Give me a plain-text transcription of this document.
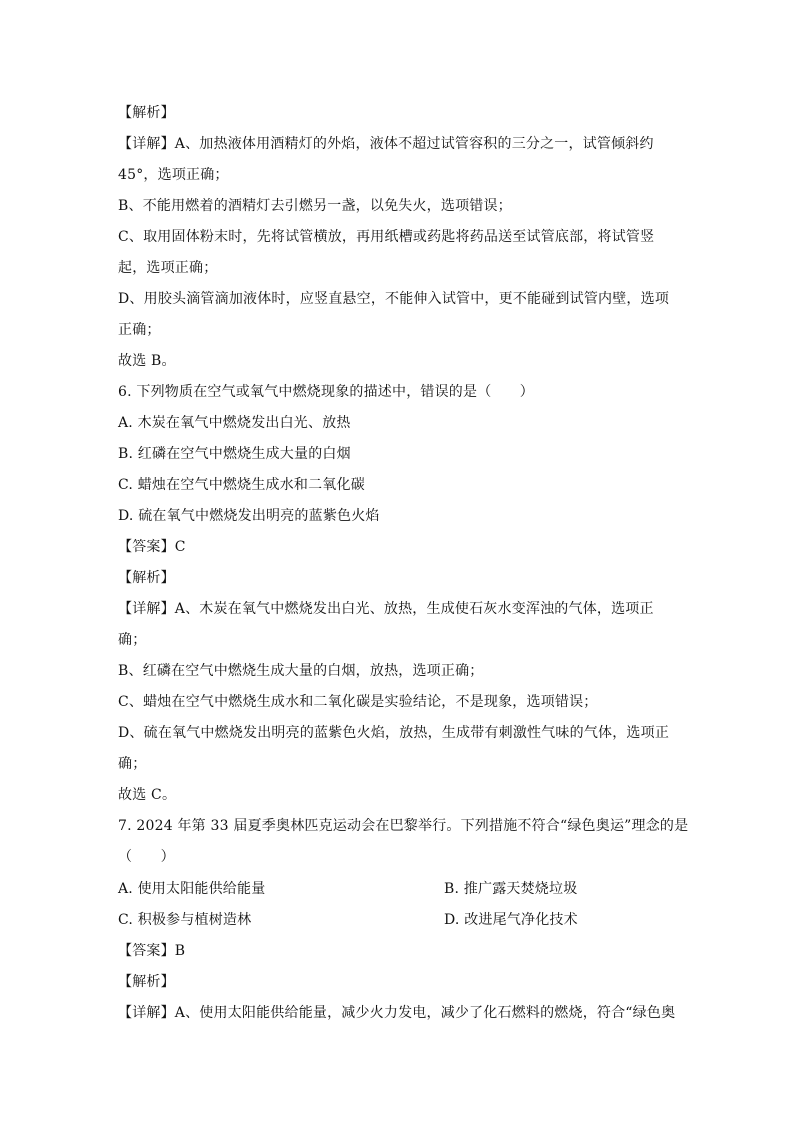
【解析】
【详解】A、加热液体用酒精灯的外焰，液体不超过试管容积的三分之一，试管倾斜约
45°，选项正确；
B、不能用燃着的酒精灯去引燃另一盏，以免失火，选项错误；
C、取用固体粉末时，先将试管横放，再用纸槽或药匙将药品送至试管底部，将试管竖
起，选项正确；
D、用胶头滴管滴加液体时，应竖直悬空，不能伸入试管中，更不能碰到试管内壁，选项
正确；
故选 B。
6. 下列物质在空气或氧气中燃烧现象的描述中，错误的是（　　）
A. 木炭在氧气中燃烧发出白光、放热
B. 红磷在空气中燃烧生成大量的白烟
C. 蜡烛在空气中燃烧生成水和二氧化碳
D. 硫在氧气中燃烧发出明亮的蓝紫色火焰
【答案】C
【解析】
【详解】A、木炭在氧气中燃烧发出白光、放热，生成使石灰水变浑浊的气体，选项正
确；
B、红磷在空气中燃烧生成大量的白烟，放热，选项正确；
C、蜡烛在空气中燃烧生成水和二氧化碳是实验结论，不是现象，选项错误；
D、硫在氧气中燃烧发出明亮的蓝紫色火焰，放热，生成带有刺激性气味的气体，选项正
确；
故选 C。
7. 2024 年第 33 届夏季奥林匹克运动会在巴黎举行。下列措施不符合“绿色奥运”理念的是
（　　）
A. 使用太阳能供给能量	B. 推广露天焚烧垃圾
C. 积极参与植树造林	D. 改进尾气净化技术
【答案】B
【解析】
【详解】A、使用太阳能供给能量，减少火力发电，减少了化石燃料的燃烧，符合“绿色奥
